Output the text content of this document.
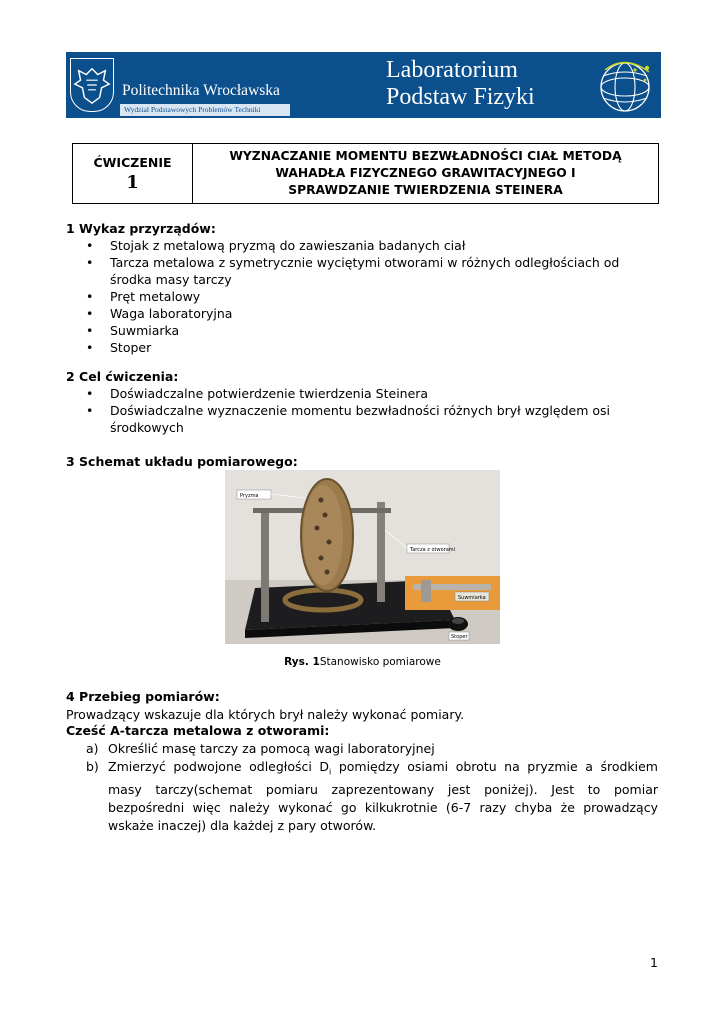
Politechnika Wrocławska
Wydział Podstawowych Problemów Techniki
Laboratorium
Podstaw Fizyki
ĆWICZENIE
1
WYZNACZANIE MOMENTU BEZWŁADNOŚCI CIAŁ METODĄ
WAHADŁA FIZYCZNEGO GRAWITACYJNEGO I
SPRAWDZANIE TWIERDZENIA STEINERA
1 Wykaz przyrządów:
• Stojak z metalową pryzmą do zawieszania badanych ciał
• Tarcza metalowa z symetrycznie wyciętymi otworami w różnych odległościach od środka masy tarczy
• Pręt metalowy
• Waga laboratoryjna
• Suwmiarka
• Stoper
2 Cel ćwiczenia:
• Doświadczalne potwierdzenie twierdzenia Steinera
• Doświadczalne wyznaczenie momentu bezwładności różnych brył względem osi środkowych
3 Schemat układu pomiarowego:
Pryzma
Tarcza z otworami
Suwmiarka
Stoper
Rys. 1Stanowisko pomiarowe
4 Przebieg pomiarów:
Prowadzący wskazuje dla których brył należy wykonać pomiary.
Cześć A-tarcza metalowa z otworami:
a) Określić masę tarczy za pomocą wagi laboratoryjnej
b) Zmierzyć podwojone odległości $D_i$ pomiędzy osiami obrotu na pryzmie a środkiem masy tarczy(schemat pomiaru zaprezentowany jest poniżej). Jest to pomiar bezpośredni więc należy wykonać go kilkukrotnie (6-7 razy chyba że prowadzący wskaże inaczej) dla każdej z pary otworów.
1
